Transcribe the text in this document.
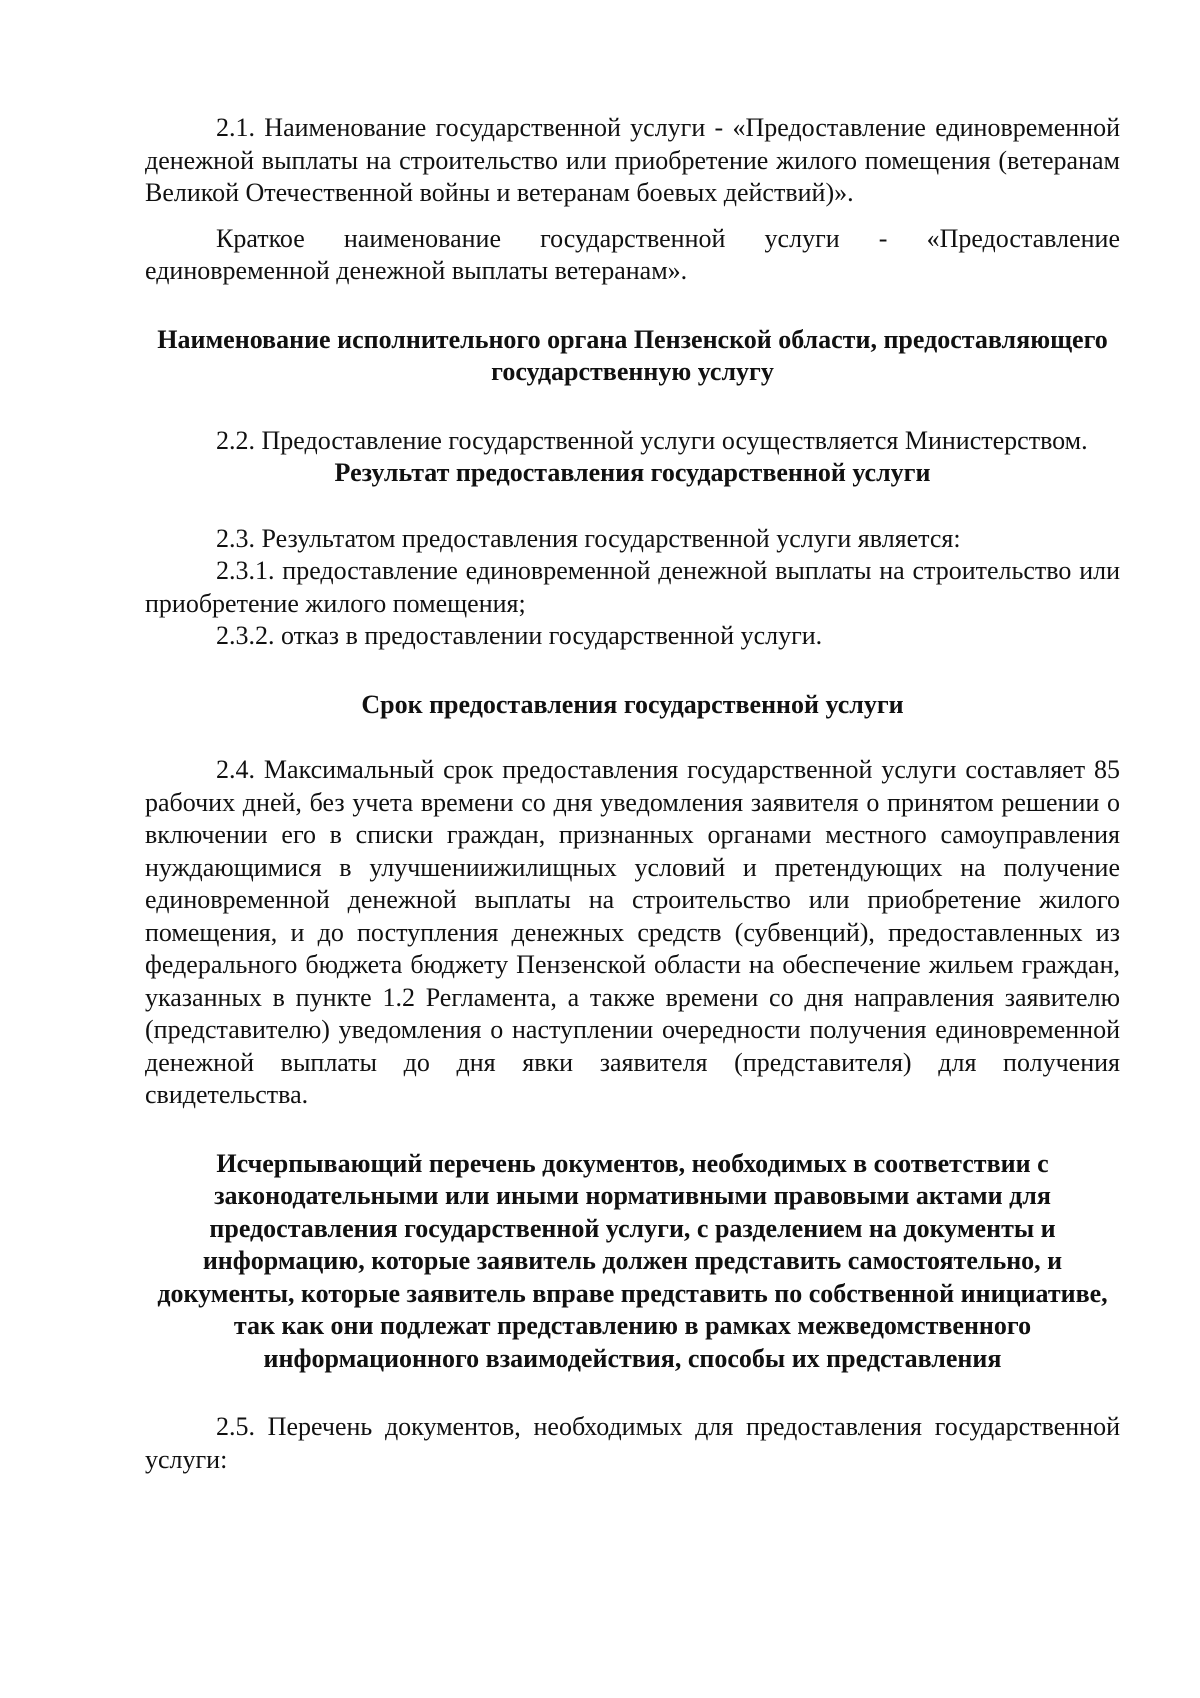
2.1. Наименование государственной услуги - «Предоставление единовременной денежной выплаты на строительство или приобретение жилого помещения (ветеранам Великой Отечественной войны и ветеранам боевых действий)».

Краткое наименование государственной услуги - «Предоставление единовременной денежной выплаты ветеранам».

Наименование исполнительного органа Пензенской области, предоставляющего государственную услугу

2.2. Предоставление государственной услуги осуществляется Министерством.

Результат предоставления государственной услуги

2.3. Результатом предоставления государственной услуги является:

2.3.1. предоставление единовременной денежной выплаты на строительство или приобретение жилого помещения;

2.3.2. отказ в предоставлении государственной услуги.

Срок предоставления государственной услуги

2.4. Максимальный срок предоставления государственной услуги составляет 85 рабочих дней, без учета времени со дня уведомления заявителя о принятом решении о включении его в списки граждан, признанных органами местного самоуправления нуждающимися в улучшениижилищных условий и претендующих на получение единовременной денежной выплаты на строительство или приобретение жилого помещения, и до поступления денежных средств (субвенций), предоставленных из федерального бюджета бюджету Пензенской области на обеспечение жильем граждан, указанных в пункте 1.2 Регламента, а также времени со дня направления заявителю (представителю) уведомления о наступлении очередности получения единовременной денежной выплаты до дня явки заявителя (представителя) для получения свидетельства.

Исчерпывающий перечень документов, необходимых в соответствии с законодательными или иными нормативными правовыми актами для предоставления государственной услуги, с разделением на документы и информацию, которые заявитель должен представить самостоятельно, и документы, которые заявитель вправе представить по собственной инициативе, так как они подлежат представлению в рамках межведомственного информационного взаимодействия, способы их представления

2.5. Перечень документов, необходимых для предоставления государственной услуги:
